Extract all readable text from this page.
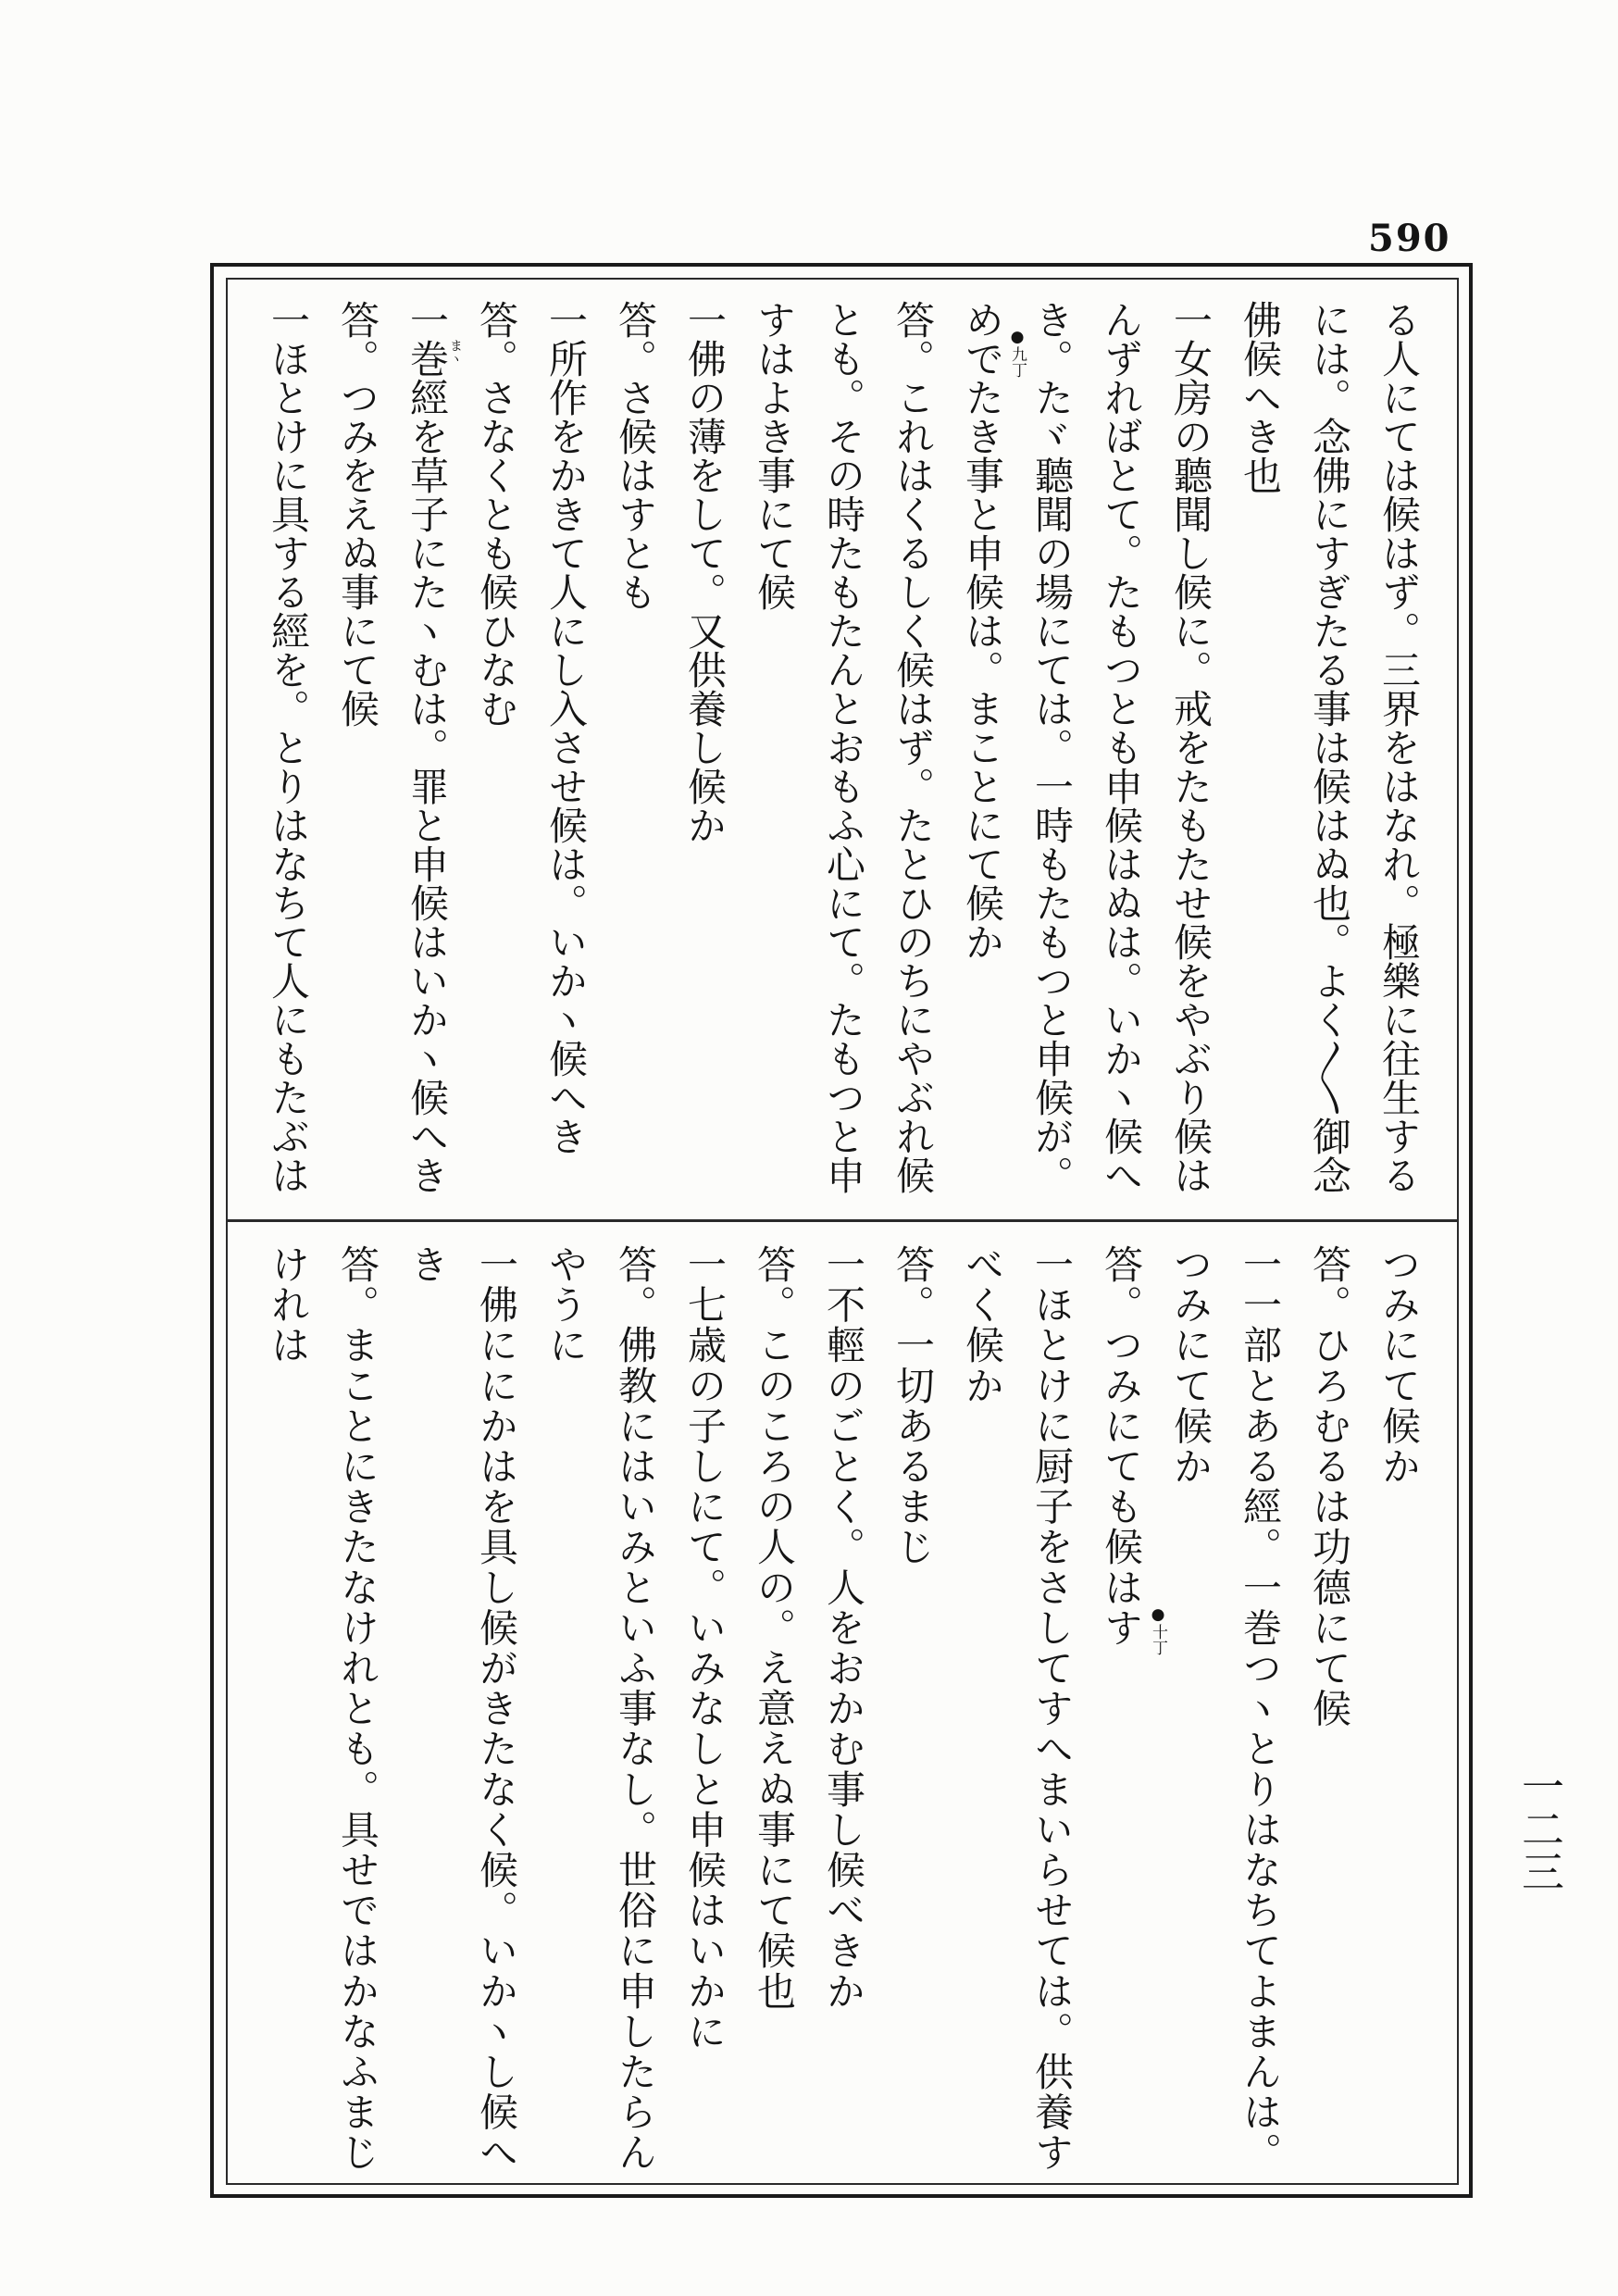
590
る人にては候はず。三界をはなれ。極樂に往生する
には。念佛にすぎたる事は候はぬ也。よく〳〵御念
佛候へき也
一女房の聽聞し候に。戒をたもたせ候をやぶり候は
んずればとて。たもつとも申候はぬは。いかヽ候へ
き。たヾ聽聞の場にては。一時もたもつと申候が。
めでたき事と申候は。まことにて候か
答。これはくるしく候はず。たとひのちにやぶれ候
とも。その時たもたんとおもふ心にて。たもつと申
すはよき事にて候
一佛の薄をして。又供養し候か
答。さ候はすとも
一所作をかきて人にし入させ候は。いかヽ候へき
答。さなくとも候ひなむ
一巻經を草子にたヽむは。罪と申候はいかヽ候へき
答。つみをえぬ事にて候
一ほとけに具する經を。とりはなちて人にもたぶは
つみにて候か
答。ひろむるは功德にて候
一一部とある經。一巻つヽとりはなちてよまんは。
つみにて候か
答。つみにても候はす
一ほとけに厨子をさしてすへまいらせては。供養す
べく候か
答。一切あるまじ
一不輕のごとく。人をおかむ事し候べきか
答。このころの人の。え意えぬ事にて候也
一七歳の子しにて。いみなしと申候はいかに
答。佛教にはいみといふ事なし。世俗に申したらん
やうに
一佛ににかはを具し候がきたなく候。いかヽし候へ
き
答。まことにきたなけれとも。具せではかなふまじ
けれは
●九丁
●十丁
まヽ
一二三
